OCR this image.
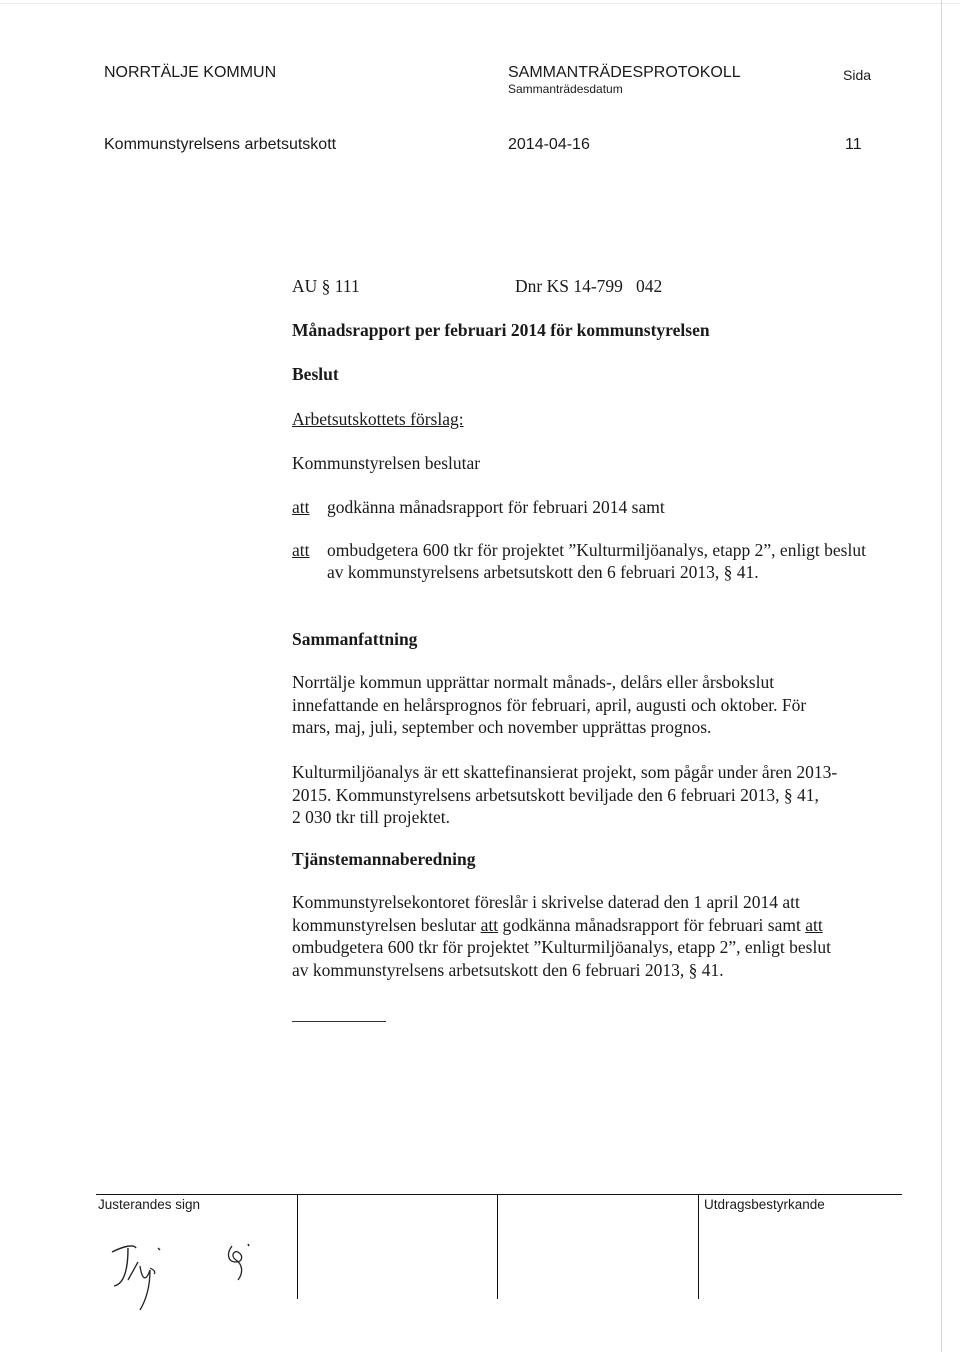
NORRTÄLJE KOMMUN	SAMMANTRÄDESPROTOKOLL
Sammanträdesdatum
Sida
Kommunstyrelsens arbetsutskott	2014-04-16	11
AU § 111	Dnr KS 14-799   042
Månadsrapport per februari 2014 för kommunstyrelsen
Beslut
Arbetsutskottets förslag:
Kommunstyrelsen beslutar
att godkänna månadsrapport för februari 2014 samt
att ombudgetera 600 tkr för projektet ”Kulturmiljöanalys, etapp 2”, enligt beslut av kommunstyrelsens arbetsutskott den 6 februari 2013, § 41.
Sammanfattning
Norrtälje kommun upprättar normalt månads-, delårs eller årsbokslut
innefattande en helårsprognos för februari, april, augusti och oktober. För
mars, maj, juli, september och november upprättas prognos.
Kulturmiljöanalys är ett skattefinansierat projekt, som pågår under åren 2013-
2015. Kommunstyrelsens arbetsutskott beviljade den 6 februari 2013, § 41,
2 030 tkr till projektet.
Tjänstemannaberedning
Kommunstyrelsekontoret föreslår i skrivelse daterad den 1 april 2014 att
kommunstyrelsen beslutar att godkänna månadsrapport för februari samt att
ombudgetera 600 tkr för projektet ”Kulturmiljöanalys, etapp 2”, enligt beslut
av kommunstyrelsens arbetsutskott den 6 februari 2013, § 41.
Justerandes sign	Utdragsbestyrkande
